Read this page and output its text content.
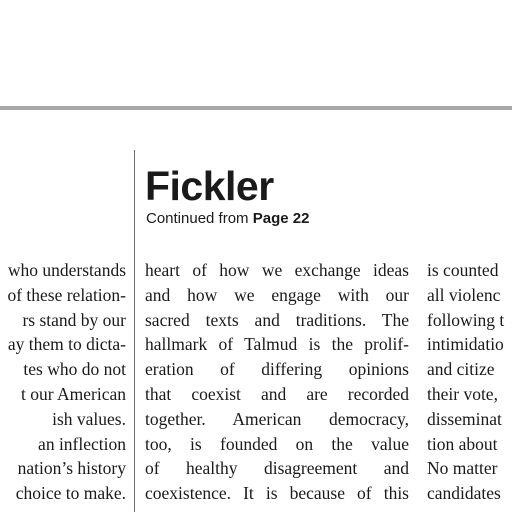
Fickler
Continued from Page 22
who understands
of these relation-
rs stand by our
ay them to dicta-
tes who do not
t our American
ish values.
an inflection
nation’s history
choice to make.
heart of how we exchange ideas
and how we engage with our
sacred texts and traditions. The
hallmark of Talmud is the prolif-
eration of differing opinions
that coexist and are recorded
together. American democracy,
too, is founded on the value
of healthy disagreement and
coexistence. It is because of this
is counted
all violenc
following t
intimidatio
and citize
their vote,
disseminat
tion about
No matter
candidates
